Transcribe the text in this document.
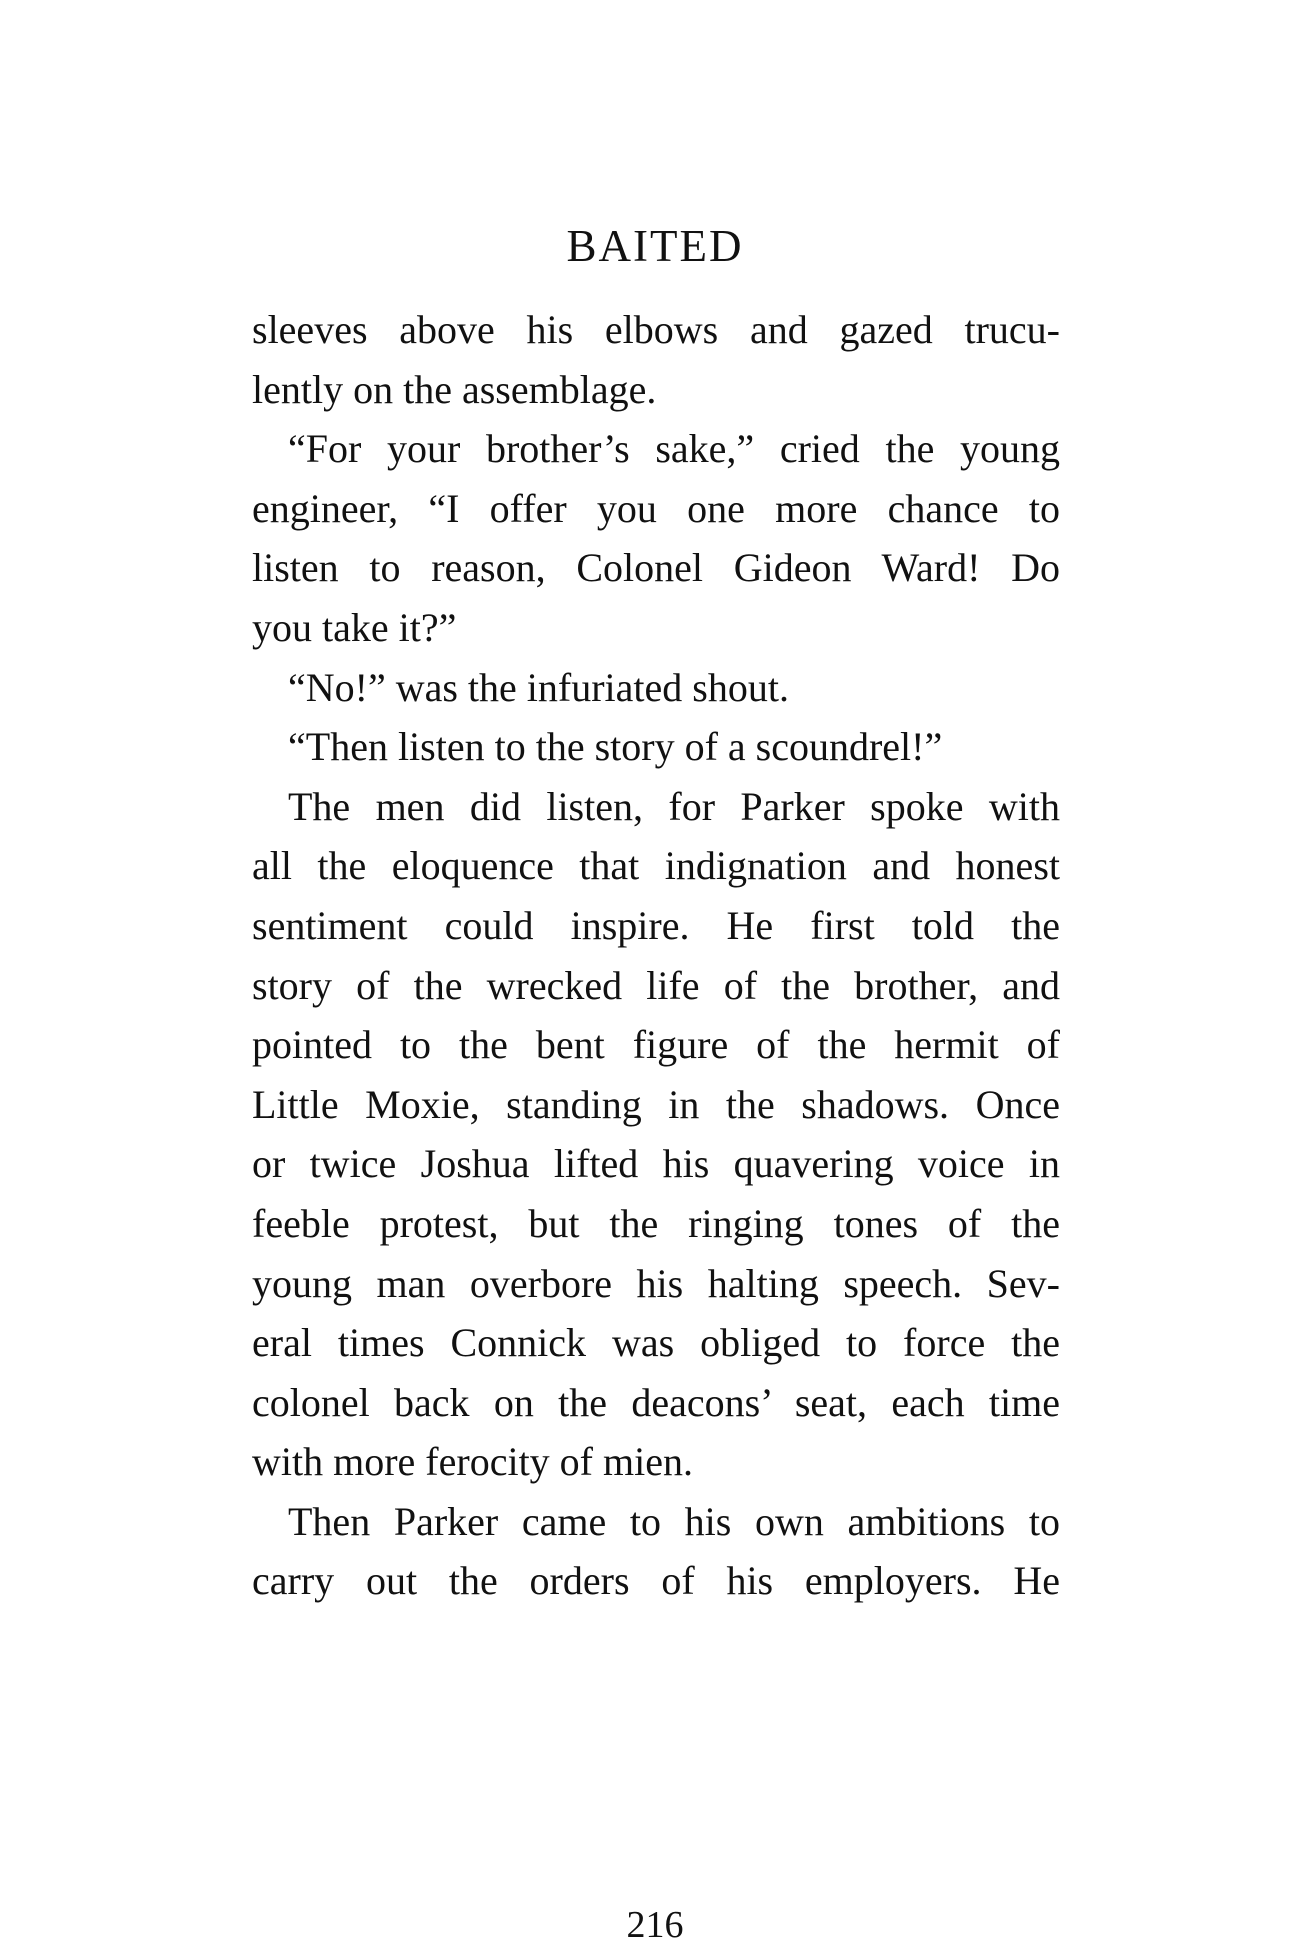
BAITED

sleeves above his elbows and gazed trucu-
lently on the assemblage.

“For your brother’s sake,” cried the young
engineer, “I offer you one more chance to
listen to reason, Colonel Gideon Ward! Do
you take it?”

“No!” was the infuriated shout.

“Then listen to the story of a scoundrel!”

The men did listen, for Parker spoke with
all the eloquence that indignation and honest
sentiment could inspire. He first told the
story of the wrecked life of the brother, and
pointed to the bent figure of the hermit of
Little Moxie, standing in the shadows. Once
or twice Joshua lifted his quavering voice in
feeble protest, but the ringing tones of the
young man overbore his halting speech. Sev-
eral times Connick was obliged to force the
colonel back on the deacons’ seat, each time
with more ferocity of mien.

Then Parker came to his own ambitions to
carry out the orders of his employers. He

216
